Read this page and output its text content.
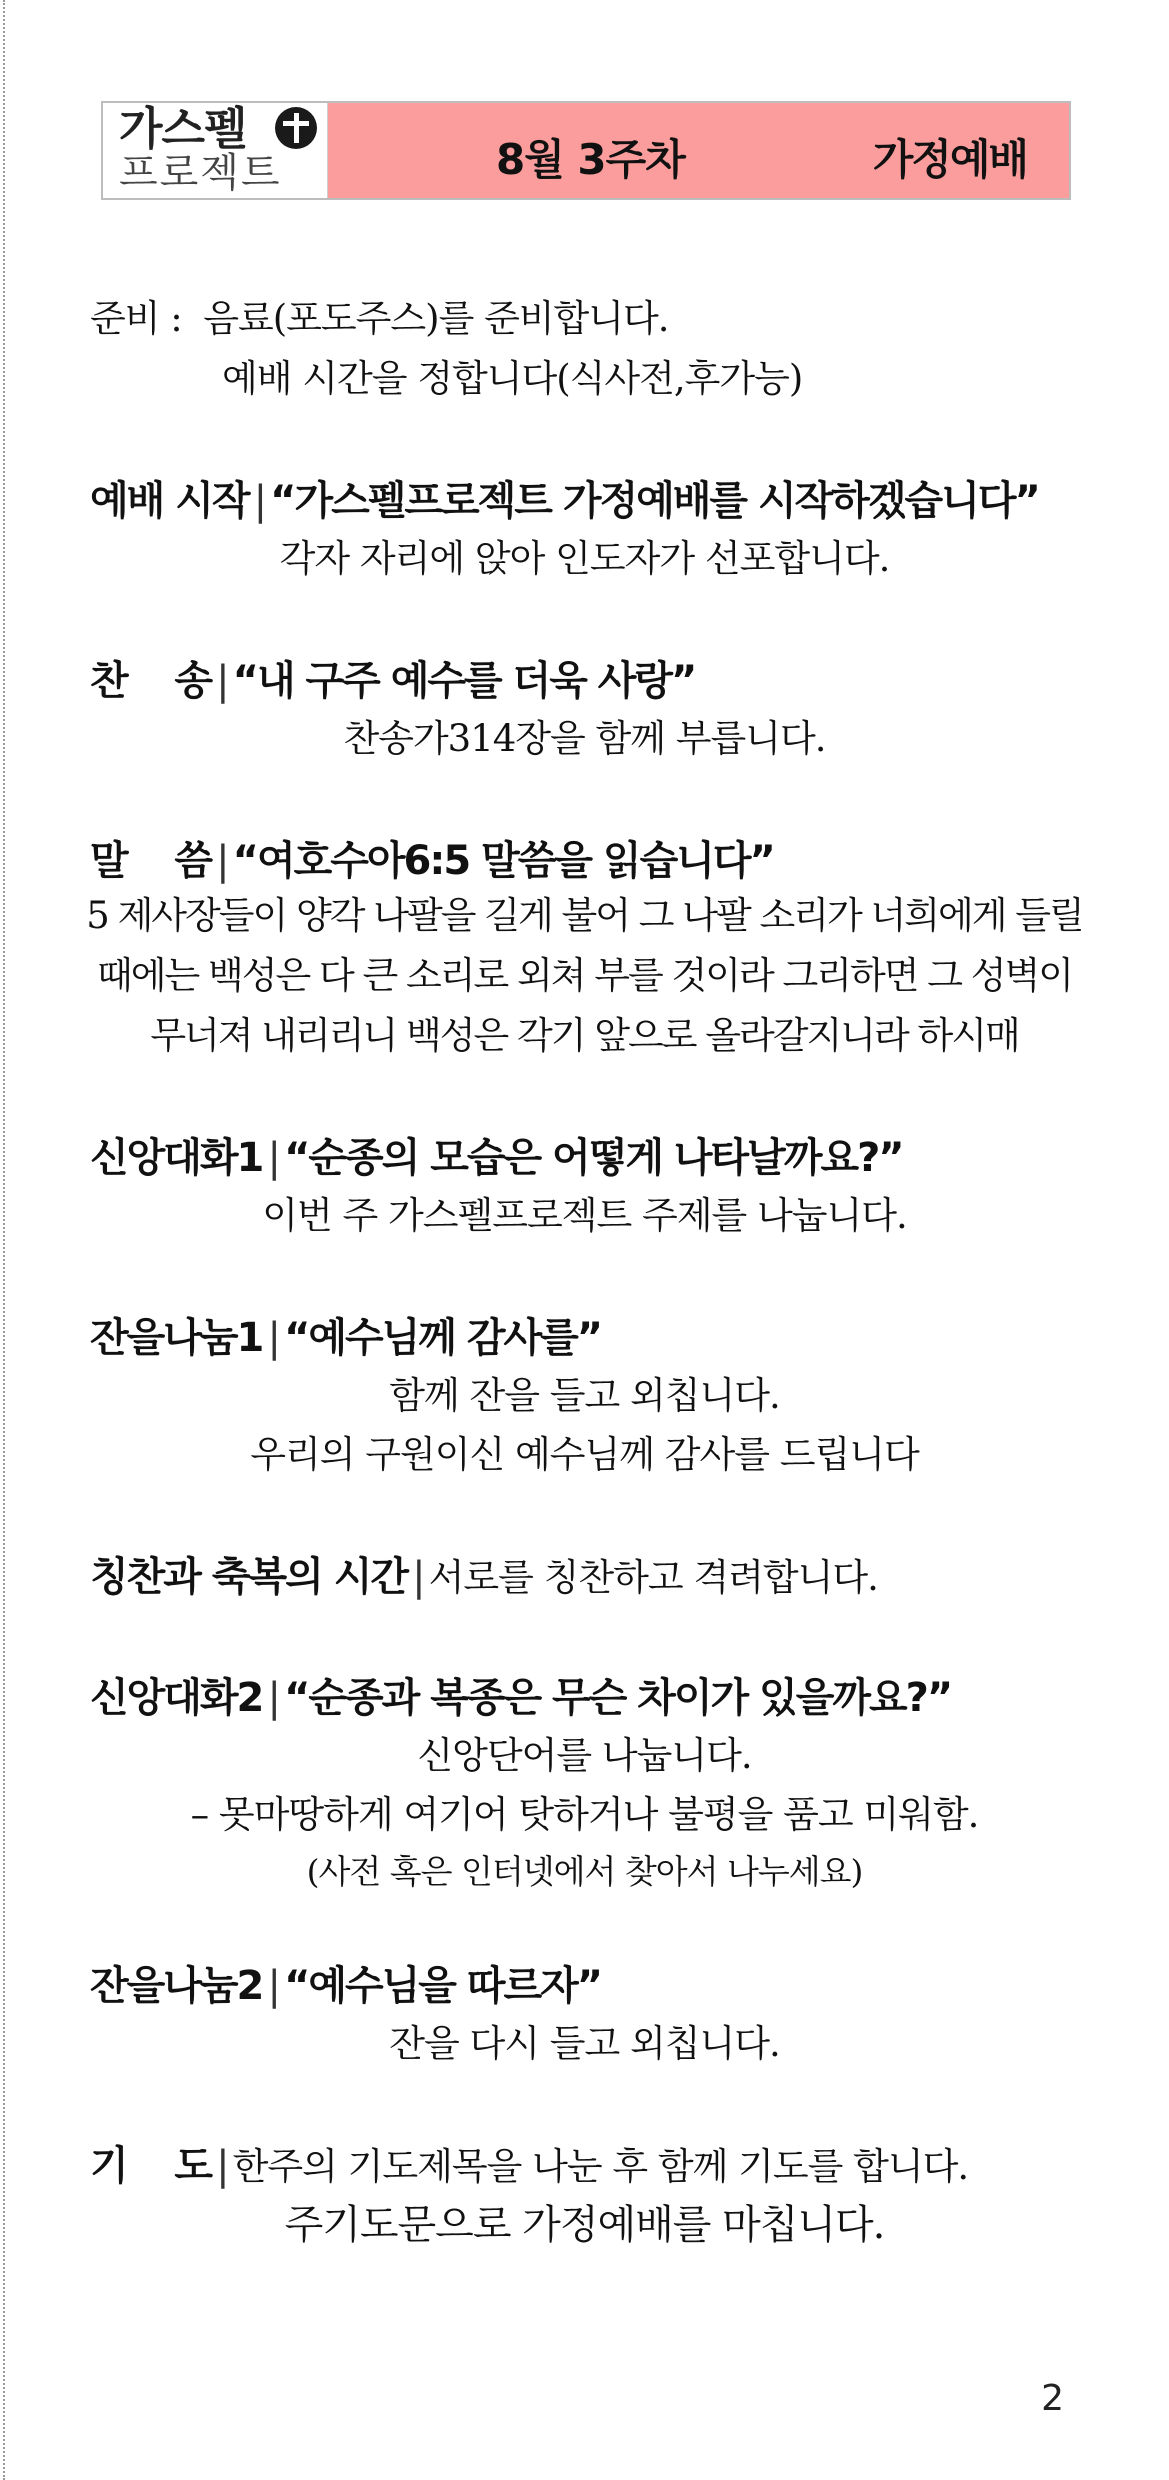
가스펠
프로젝트	8월 3주차	가정예배
준비 : 음료(포도주스)를 준비합니다.
예배 시간을 정합니다(식사전,후가능)
예배 시작 | “가스펠프로젝트 가정예배를 시작하겠습니다”
각자 자리에 앉아 인도자가 선포합니다.
찬    송 | “내 구주 예수를 더욱 사랑”
찬송가314장을 함께 부릅니다.
말    씀 | “여호수아6:5 말씀을 읽습니다”
5 제사장들이 양각 나팔을 길게 불어 그 나팔 소리가 너희에게 들릴
때에는 백성은 다 큰 소리로 외쳐 부를 것이라 그리하면 그 성벽이
무너져 내리리니 백성은 각기 앞으로 올라갈지니라 하시매
신앙대화1 | “순종의 모습은 어떻게 나타날까요?”
이번 주 가스펠프로젝트 주제를 나눕니다.
잔을나눔1 | “예수님께 감사를”
함께 잔을 들고 외칩니다.
우리의 구원이신 예수님께 감사를 드립니다
칭찬과 축복의 시간 | 서로를 칭찬하고 격려합니다.
신앙대화2 | “순종과 복종은 무슨 차이가 있을까요?”
신앙단어를 나눕니다.
– 못마땅하게 여기어 탓하거나 불평을 품고 미워함.
(사전 혹은 인터넷에서 찾아서 나누세요)
잔을나눔2 | “예수님을 따르자”
잔을 다시 들고 외칩니다.
기    도 | 한주의 기도제목을 나눈 후 함께 기도를 합니다.
주기도문으로 가정예배를 마칩니다.
2
